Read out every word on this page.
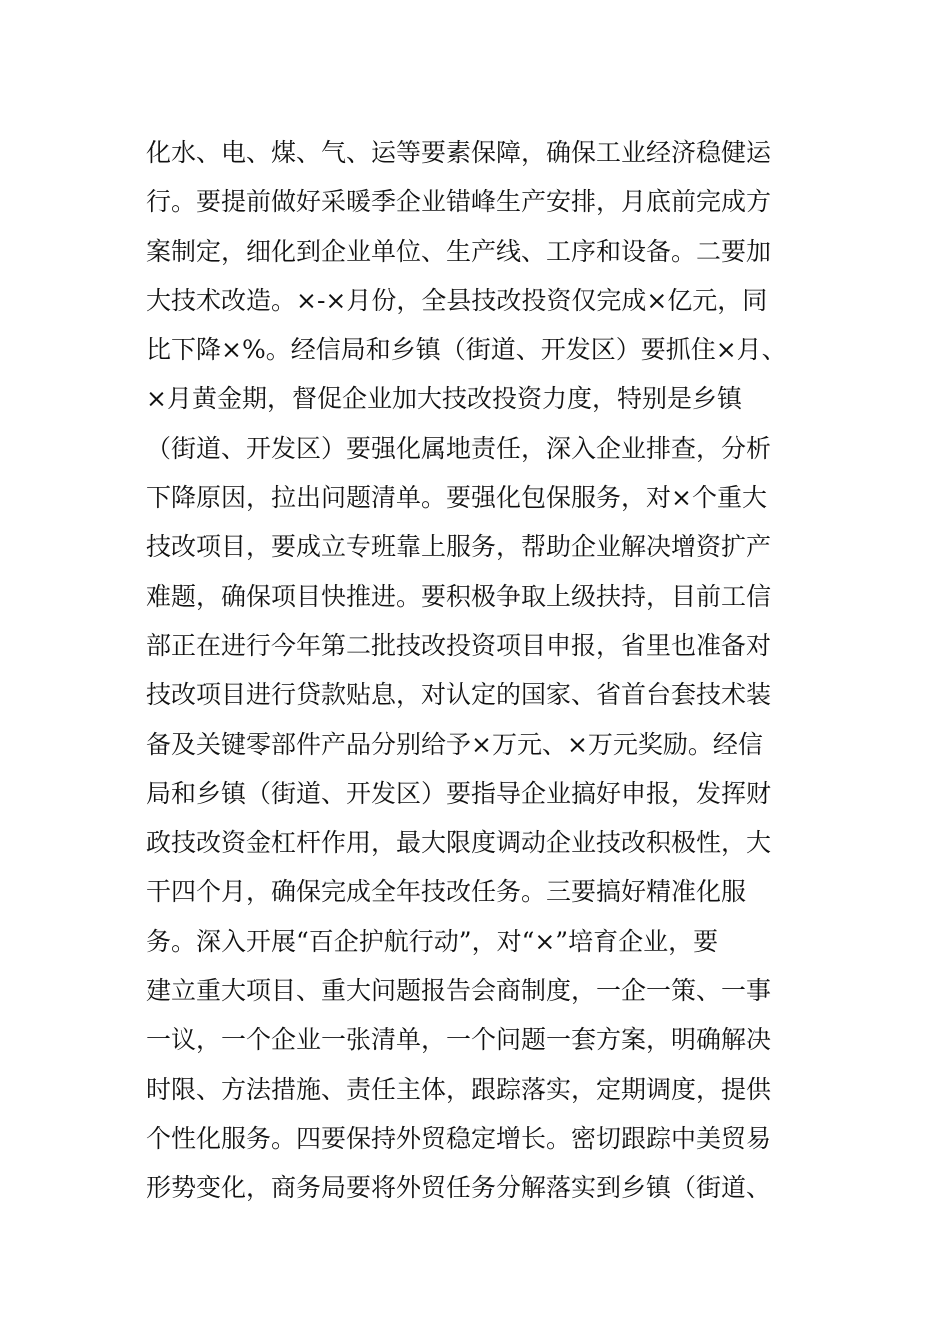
化水、电、煤、气、运等要素保障，确保工业经济稳健运
行。要提前做好采暖季企业错峰生产安排，月底前完成方
案制定，细化到企业单位、生产线、工序和设备。二要加
大技术改造。×-×月份，全县技改投资仅完成×亿元，同
比下降×%。经信局和乡镇（街道、开发区）要抓住×月、
×月黄金期，督促企业加大技改投资力度，特别是乡镇
（街道、开发区）要强化属地责任，深入企业排查，分析
下降原因，拉出问题清单。要强化包保服务，对×个重大
技改项目，要成立专班靠上服务，帮助企业解决增资扩产
难题，确保项目快推进。要积极争取上级扶持，目前工信
部正在进行今年第二批技改投资项目申报，省里也准备对
技改项目进行贷款贴息，对认定的国家、省首台套技术装
备及关键零部件产品分别给予×万元、×万元奖励。经信
局和乡镇（街道、开发区）要指导企业搞好申报，发挥财
政技改资金杠杆作用，最大限度调动企业技改积极性，大
干四个月，确保完成全年技改任务。三要搞好精准化服
务。深入开展“百企护航行动”，对“×”培育企业，要
建立重大项目、重大问题报告会商制度，一企一策、一事
一议，一个企业一张清单，一个问题一套方案，明确解决
时限、方法措施、责任主体，跟踪落实，定期调度，提供
个性化服务。四要保持外贸稳定增长。密切跟踪中美贸易
形势变化，商务局要将外贸任务分解落实到乡镇（街道、
